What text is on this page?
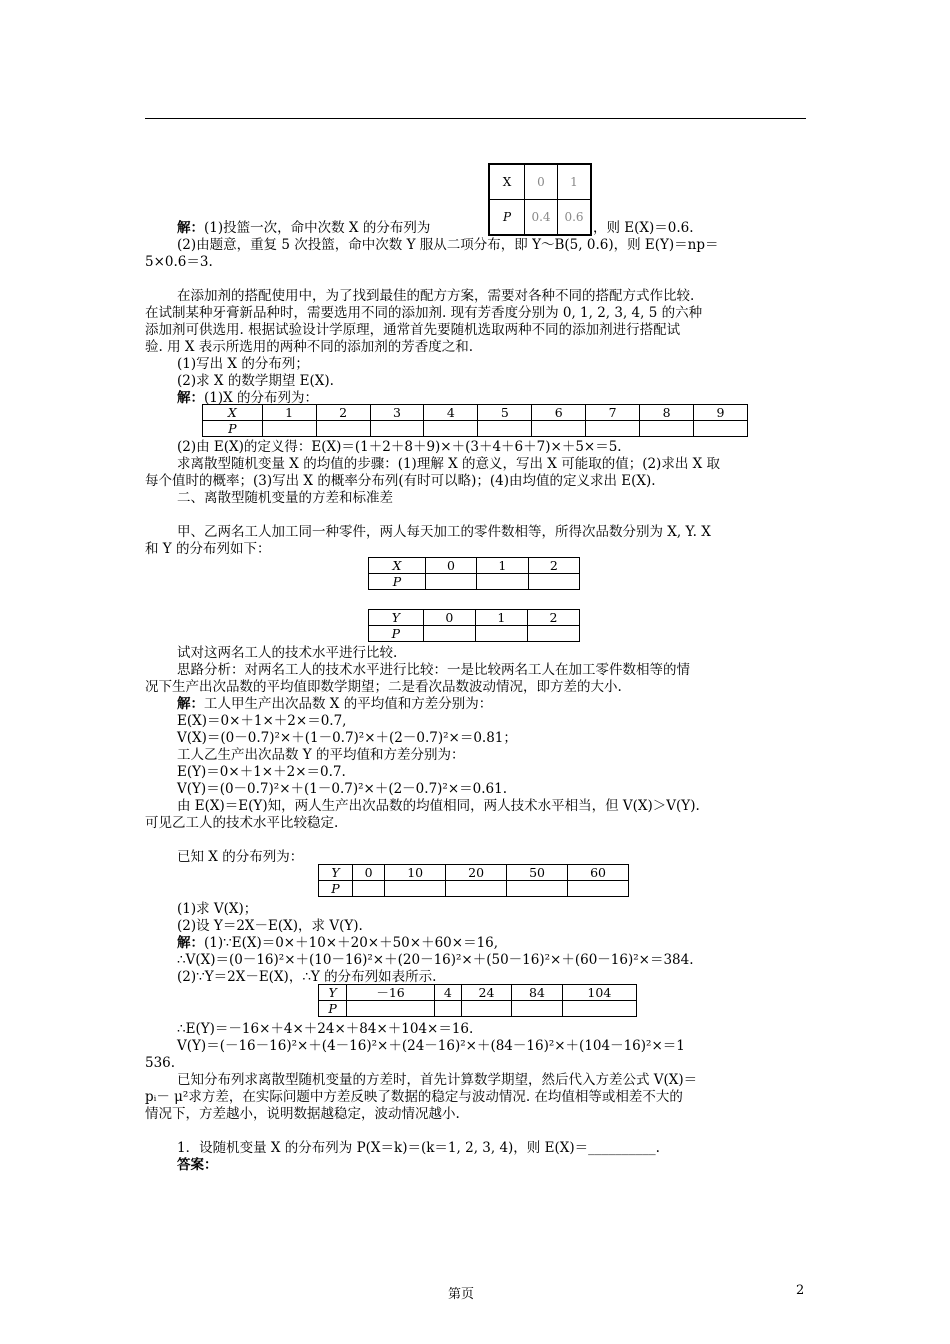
X	0	1
P	0.4	0.6
解：(1)投篮一次，命中次数 X 的分布列为	，则 E(X)＝0.6.
(2)由题意，重复 5 次投篮，命中次数 Y 服从二项分布，即 Y～B(5, 0.6)，则 E(Y)＝np＝
5×0.6＝3.
在添加剂的搭配使用中，为了找到最佳的配方方案，需要对各种不同的搭配方式作比较.
在试制某种牙膏新品种时，需要选用不同的添加剂. 现有芳香度分别为 0, 1, 2, 3, 4, 5 的六种
添加剂可供选用. 根据试验设计学原理，通常首先要随机选取两种不同的添加剂进行搭配试
验. 用 X 表示所选用的两种不同的添加剂的芳香度之和.
(1)写出 X 的分布列；
(2)求 X 的数学期望 E(X).
解：(1)X 的分布列为：
X	1	2	3	4	5	6	7	8	9
P									
(2)由 E(X)的定义得：E(X)＝(1＋2＋8＋9)×＋(3＋4＋6＋7)×＋5×＝5.
求离散型随机变量 X 的均值的步骤：(1)理解 X 的意义，写出 X 可能取的值；(2)求出 X 取
每个值时的概率；(3)写出 X 的概率分布列(有时可以略)；(4)由均值的定义求出 E(X).
二、离散型随机变量的方差和标准差
甲、乙两名工人加工同一种零件，两人每天加工的零件数相等，所得次品数分别为 X, Y. X
和 Y 的分布列如下：
X	0	1	2
P			
Y	0	1	2
P			
试对这两名工人的技术水平进行比较.
思路分析：对两名工人的技术水平进行比较：一是比较两名工人在加工零件数相等的情
况下生产出次品数的平均值即数学期望；二是看次品数波动情况，即方差的大小.
解：工人甲生产出次品数 X 的平均值和方差分别为：
E(X)＝0×＋1×＋2×＝0.7,
V(X)＝(0－0.7)²×＋(1－0.7)²×＋(2－0.7)²×＝0.81；
工人乙生产出次品数 Y 的平均值和方差分别为：
E(Y)＝0×＋1×＋2×＝0.7.
V(Y)＝(0－0.7)²×＋(1－0.7)²×＋(2－0.7)²×＝0.61.
由 E(X)＝E(Y)知，两人生产出次品数的均值相同，两人技术水平相当，但 V(X)＞V(Y).
可见乙工人的技术水平比较稳定.
已知 X 的分布列为：
Y	0	10	20	50	60
P					
(1)求 V(X)；
(2)设 Y＝2X－E(X)，求 V(Y).
解：(1)∵E(X)＝0×＋10×＋20×＋50×＋60×＝16,
∴V(X)＝(0－16)²×＋(10－16)²×＋(20－16)²×＋(50－16)²×＋(60－16)²×＝384.
(2)∵Y＝2X－E(X)，∴Y 的分布列如表所示.
Y	－16	4	24	84	104
P					
∴E(Y)＝－16×＋4×＋24×＋84×＋104×＝16.
V(Y)＝(－16－16)²×＋(4－16)²×＋(24－16)²×＋(84－16)²×＋(104－16)²×＝1
536.
已知分布列求离散型随机变量的方差时，首先计算数学期望，然后代入方差公式 V(X)＝
pᵢ－ μ²求方差，在实际问题中方差反映了数据的稳定与波动情况. 在均值相等或相差不大的
情况下，方差越小，说明数据越稳定，波动情况越小.
1．设随机变量 X 的分布列为 P(X＝k)＝(k＝1, 2, 3, 4)，则 E(X)＝__________.
答案：
第页	2
